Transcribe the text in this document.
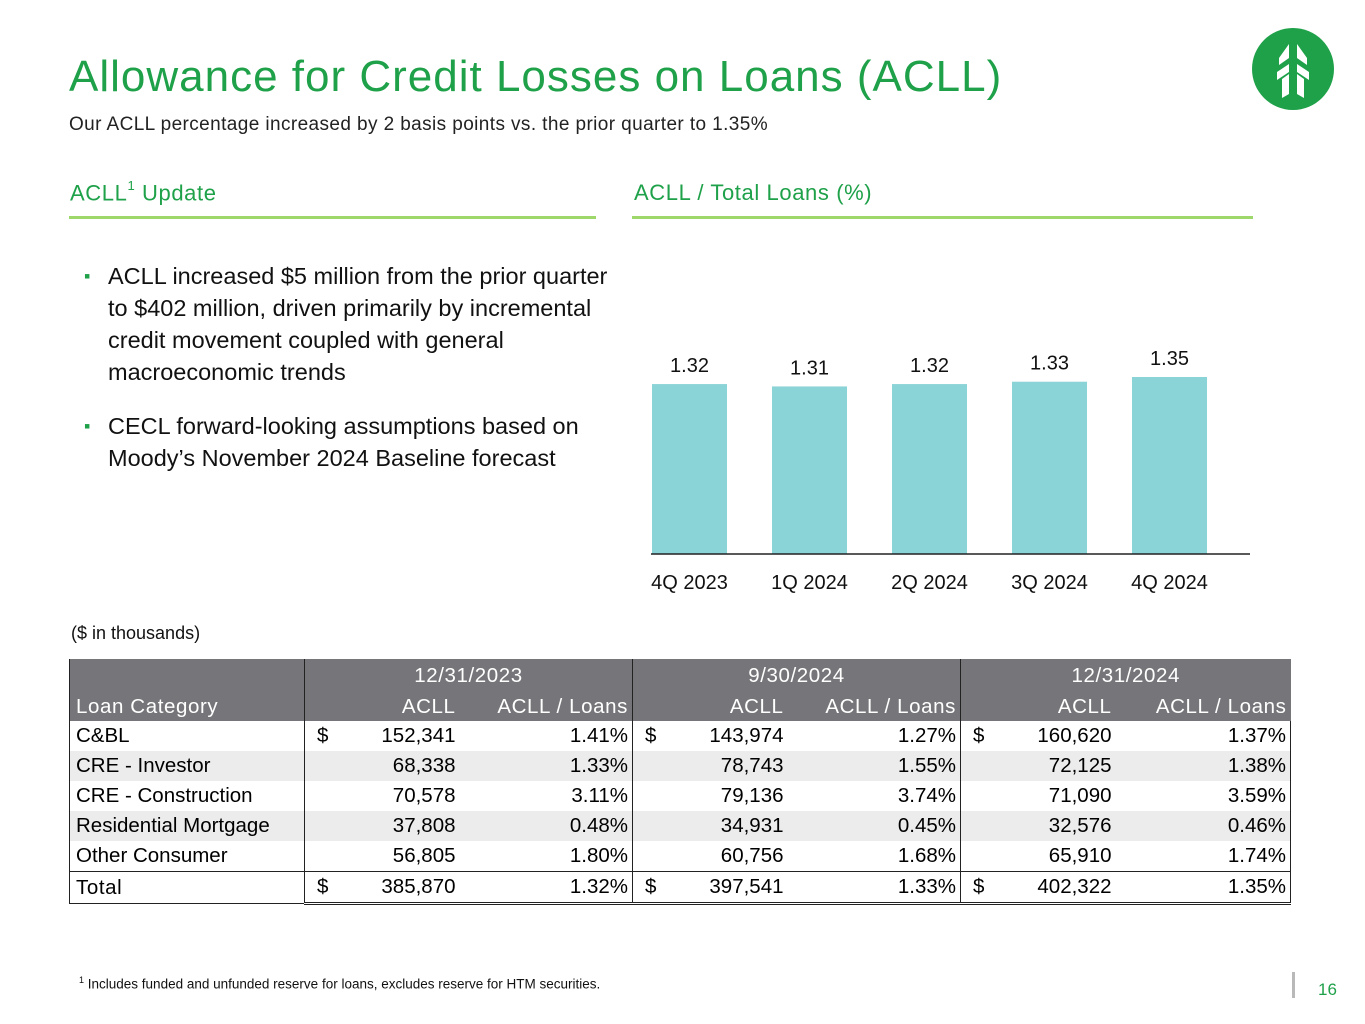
Allowance for Credit Losses on Loans (ACLL)
Our ACLL percentage increased by 2 basis points vs. the prior quarter to 1.35%
ACLL$^1$ Update	ACLL / Total Loans (%)
▪ ACLL increased $5 million from the prior quarter to $402 million, driven primarily by incremental credit movement coupled with general macroeconomic trends
▪ CECL forward-looking assumptions based on Moody’s November 2024 Baseline forecast
1.32
4Q 2023
1.31
1Q 2024
1.32
2Q 2024
1.33
3Q 2024
1.35
4Q 2024
($ in thousands)
	12/31/2023			9/30/2024			12/31/2024		
Loan Category		ACLL	ACLL / Loans		ACLL	ACLL / Loans		ACLL	ACLL / Loans
C&BL	$	152,341	1.41%	$	143,974	1.27%	$	160,620	1.37%
CRE - Investor		68,338	1.33%		78,743	1.55%		72,125	1.38%
CRE - Construction		70,578	3.11%		79,136	3.74%		71,090	3.59%
Residential Mortgage		37,808	0.48%		34,931	0.45%		32,576	0.46%
Other Consumer		56,805	1.80%		60,756	1.68%		65,910	1.74%
Total	$	385,870	1.32%	$	397,541	1.33%	$	402,322	1.35%
$^1$ Includes funded and unfunded reserve for loans, excludes reserve for HTM securities.	16
